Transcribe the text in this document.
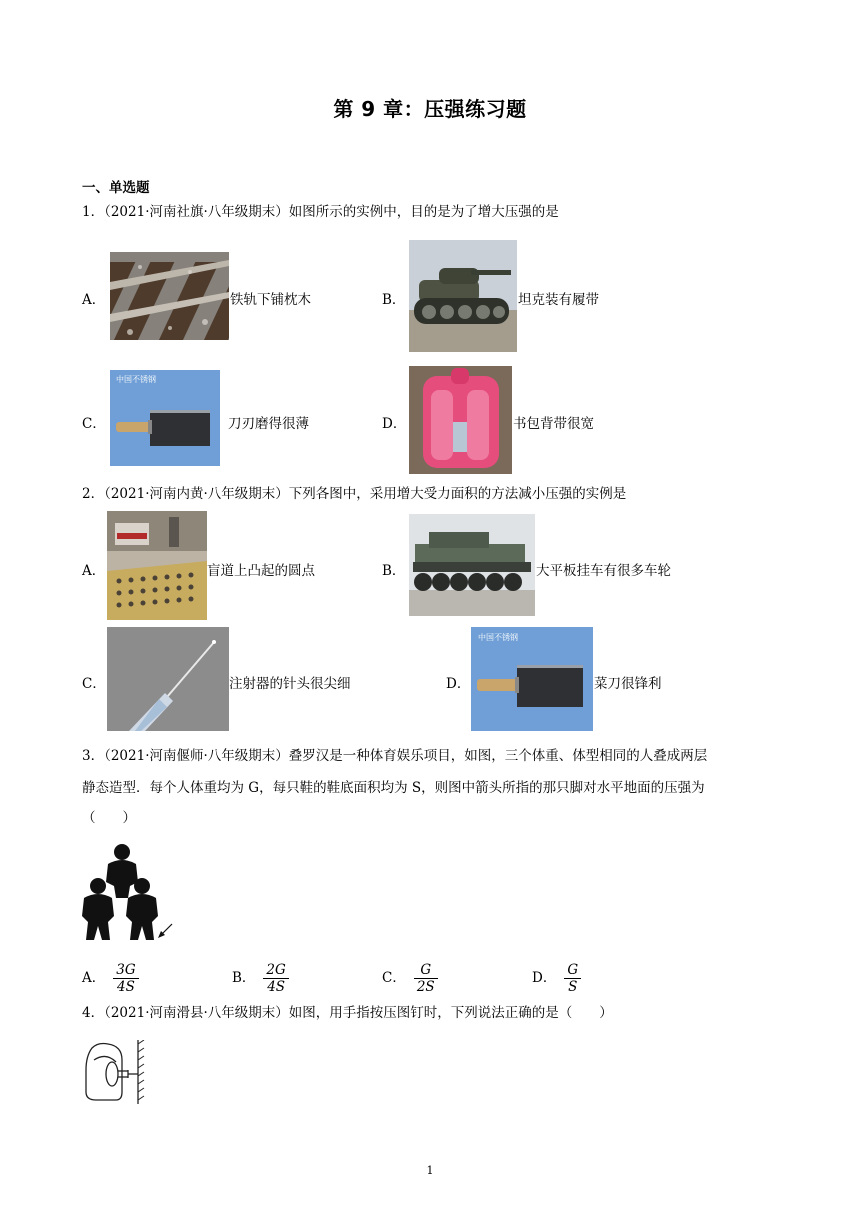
第 9 章：压强练习题
一、单选题
1．（2021·河南社旗·八年级期末）如图所示的实例中，目的是为了增大压强的是
A．	铁轨下铺枕木	B．	坦克装有履带
C．
中国不锈钢
刀刃磨得很薄	D．	书包背带很宽
2．（2021·河南内黄·八年级期末）下列各图中，采用增大受力面积的方法减小压强的实例是
A．	盲道上凸起的圆点	B．	大平板挂车有很多车轮
C．	注射器的针头很尖细	D．
中国不锈钢
菜刀很锋利
3．（2021·河南偃师·八年级期末）叠罗汉是一种体育娱乐项目，如图，三个体重、体型相同的人叠成两层
静态造型．每个人体重均为 G，每只鞋的鞋底面积均为 S，则图中箭头所指的那只脚对水平地面的压强为
（　　）
A． $\frac{3G}{4S}$	B． $\frac{2G}{4S}$	C． $\frac{G}{2S}$	D． $\frac{G}{S}$
4．（2021·河南滑县·八年级期末）如图，用手指按压图钉时，下列说法正确的是（　　）
1
